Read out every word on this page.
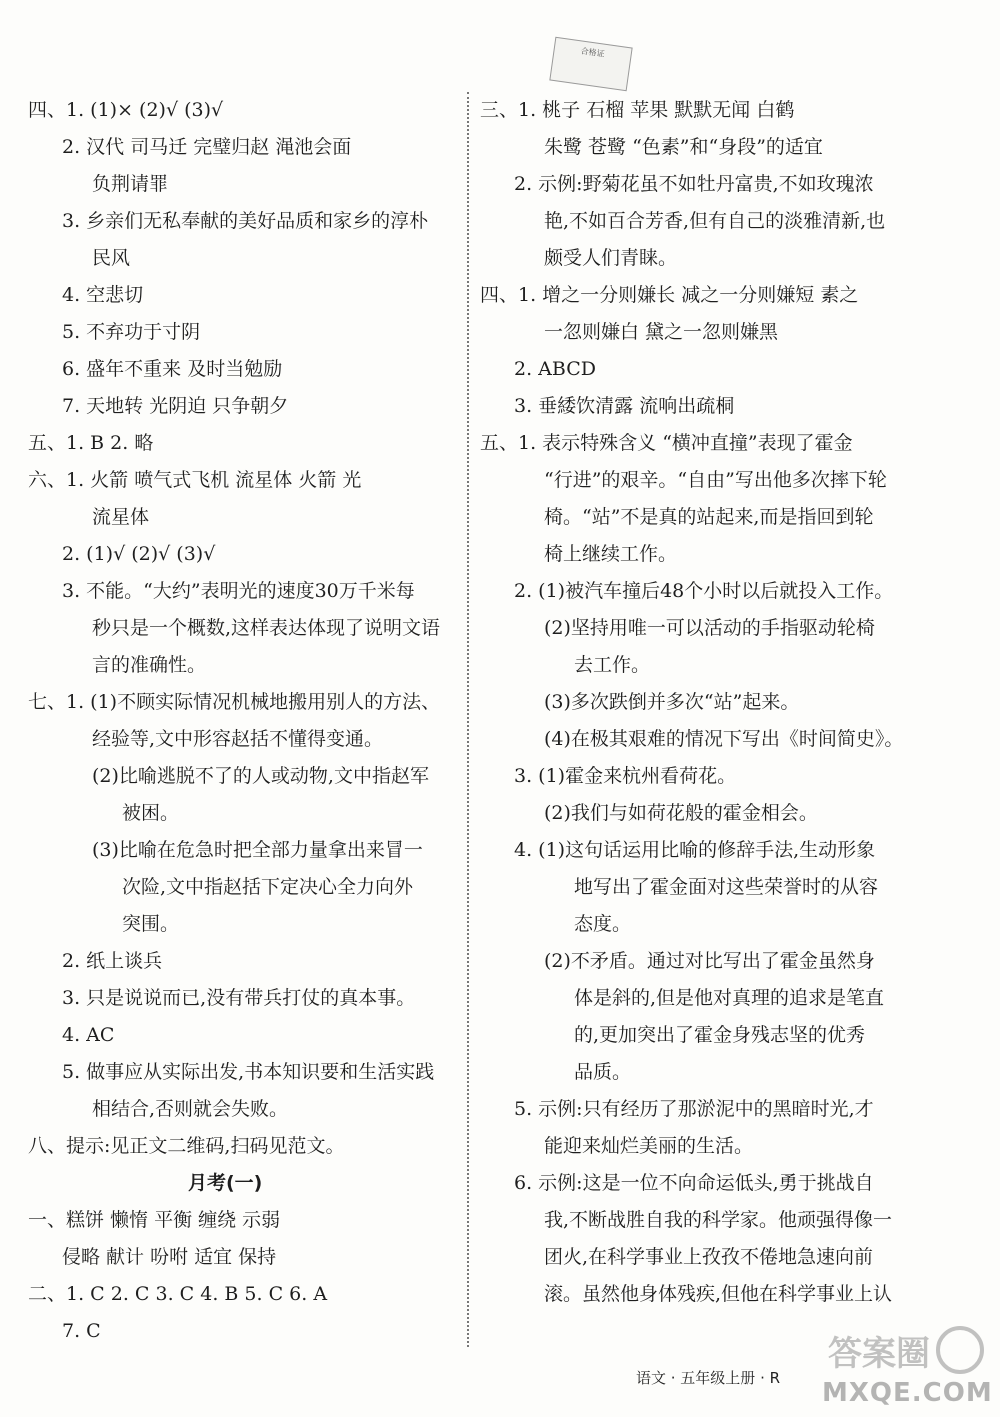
合格证
月考(一)
四、1. (1)× (2)√ (3)√
2. 汉代 司马迁 完璧归赵 渑池会面
负荆请罪
3. 乡亲们无私奉献的美好品质和家乡的淳朴
民风
4. 空悲切
5. 不弃功于寸阴
6. 盛年不重来 及时当勉励
7. 天地转 光阴迫 只争朝夕
五、1. B 2. 略
六、1. 火箭 喷气式飞机 流星体 火箭 光
流星体
2. (1)√ (2)√ (3)√
3. 不能。“大约”表明光的速度30万千米每
秒只是一个概数,这样表达体现了说明文语
言的准确性。
七、1. (1)不顾实际情况机械地搬用别人的方法、
经验等,文中形容赵括不懂得变通。
(2)比喻逃脱不了的人或动物,文中指赵军
被困。
(3)比喻在危急时把全部力量拿出来冒一
次险,文中指赵括下定决心全力向外
突围。
2. 纸上谈兵
3. 只是说说而已,没有带兵打仗的真本事。
4. AC
5. 做事应从实际出发,书本知识要和生活实践
相结合,否则就会失败。
八、提示:见正文二维码,扫码见范文。
一、糕饼 懒惰 平衡 缠绕 示弱
侵略 献计 吩咐 适宜 保持
二、1. C 2. C 3. C 4. B 5. C 6. A
7. C
三、1. 桃子 石榴 苹果 默默无闻 白鹤
朱鹭 苍鹭 “色素”和“身段”的适宜
2. 示例:野菊花虽不如牡丹富贵,不如玫瑰浓
艳,不如百合芳香,但有自己的淡雅清新,也
颇受人们青睐。
四、1. 增之一分则嫌长 减之一分则嫌短 素之
一忽则嫌白 黛之一忽则嫌黑
2. ABCD
3. 垂緌饮清露 流响出疏桐
五、1. 表示特殊含义 “横冲直撞”表现了霍金
“行进”的艰辛。“自由”写出他多次摔下轮
椅。“站”不是真的站起来,而是指回到轮
椅上继续工作。
2. (1)被汽车撞后48个小时以后就投入工作。
(2)坚持用唯一可以活动的手指驱动轮椅
去工作。
(3)多次跌倒并多次“站”起来。
(4)在极其艰难的情况下写出《时间简史》。
3. (1)霍金来杭州看荷花。
(2)我们与如荷花般的霍金相会。
4. (1)这句话运用比喻的修辞手法,生动形象
地写出了霍金面对这些荣誉时的从容
态度。
(2)不矛盾。通过对比写出了霍金虽然身
体是斜的,但是他对真理的追求是笔直
的,更加突出了霍金身残志坚的优秀
品质。
5. 示例:只有经历了那淤泥中的黑暗时光,才
能迎来灿烂美丽的生活。
6. 示例:这是一位不向命运低头,勇于挑战自
我,不断战胜自我的科学家。他顽强得像一
团火,在科学事业上孜孜不倦地急速向前
滚。虽然他身体残疾,但他在科学事业上认
语文 · 五年级上册 · R
答案圈
MXQE.COM
